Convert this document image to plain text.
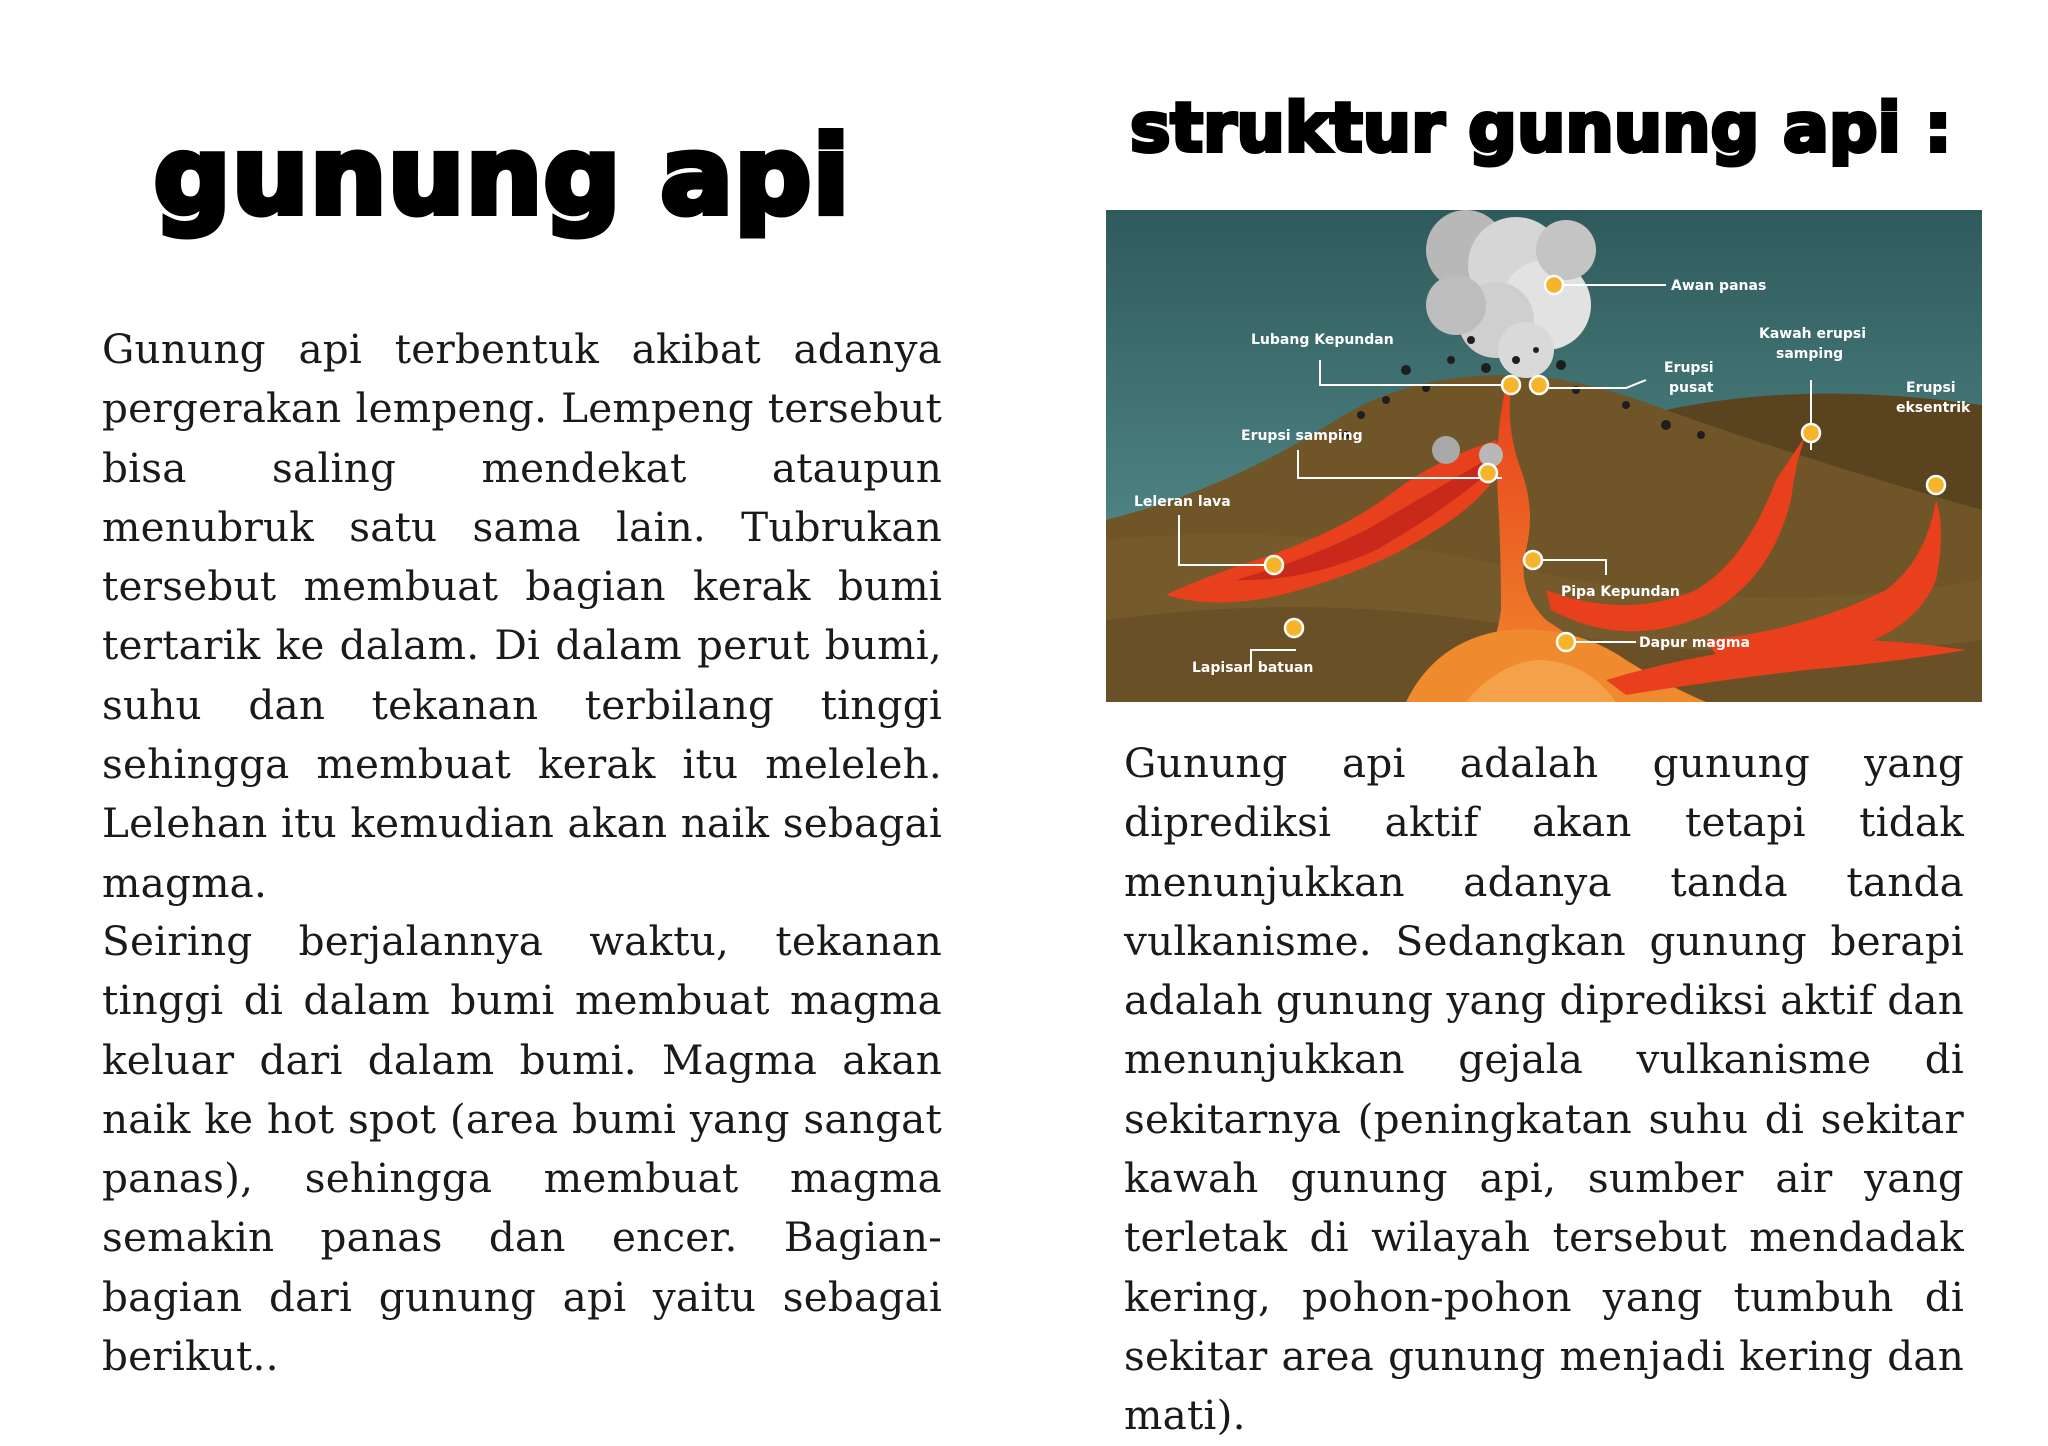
gunung api	struktur gunung api :

Gunung api terbentuk akibat adanya pergerakan lempeng. Lempeng tersebut bisa saling mendekat ataupun menubruk satu sama lain. Tubrukan tersebut membuat bagian kerak bumi tertarik ke dalam. Di dalam perut bumi, suhu dan tekanan terbilang tinggi sehingga membuat kerak itu meleleh. Lelehan itu kemudian akan naik sebagai magma.

Seiring berjalannya waktu, tekanan tinggi di dalam bumi membuat magma keluar dari dalam bumi. Magma akan naik ke hot spot (area bumi yang sangat panas), sehingga membuat magma semakin panas dan encer. Bagian-bagian dari gunung api yaitu sebagai berikut..

Gunung api adalah gunung yang diprediksi aktif akan tetapi tidak menunjukkan adanya tanda tanda vulkanisme. Sedangkan gunung berapi adalah gunung yang diprediksi aktif dan menunjukkan gejala vulkanisme di sekitarnya (peningkatan suhu di sekitar kawah gunung api, sumber air yang terletak di wilayah tersebut mendadak kering, pohon-pohon yang tumbuh di sekitar area gunung menjadi kering dan mati).

Awan panas
Lubang Kepundan
Erupsi
pusat
Kawah erupsi
samping
Erupsi
eksentrik
Erupsi samping
Leleran lava
Pipa Kepundan
Dapur magma
Lapisan batuan
